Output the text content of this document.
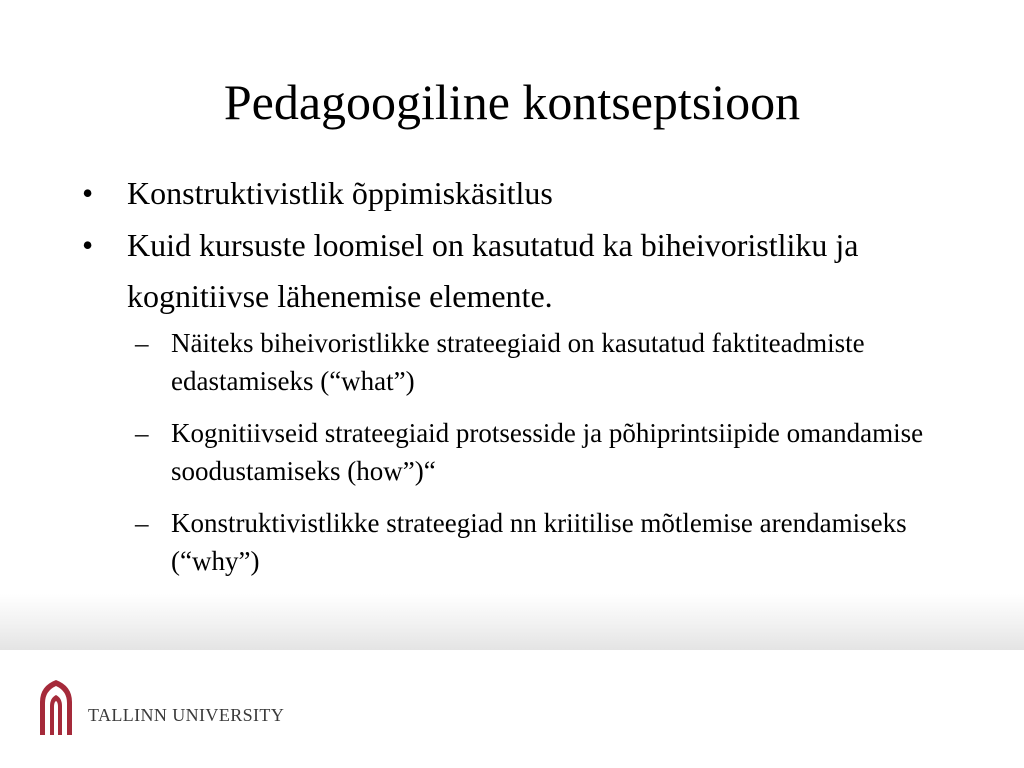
Pedagoogiline kontseptsioon
•
Konstruktivistlik õppimiskäsitlus
•
Kuid kursuste loomisel on kasutatud ka biheivoristliku ja kognitiivse lähenemise elemente.
–
Näiteks biheivoristlikke strateegiaid on kasutatud faktiteadmiste edastamiseks (“what”)
–
Kognitiivseid strateegiaid protsesside ja põhiprintsiipide omandamise soodustamiseks (how”)“
–
Konstruktivistlikke strateegiad nn kriitilise mõtlemise arendamiseks (“why”)
TALLINN UNIVERSITY
